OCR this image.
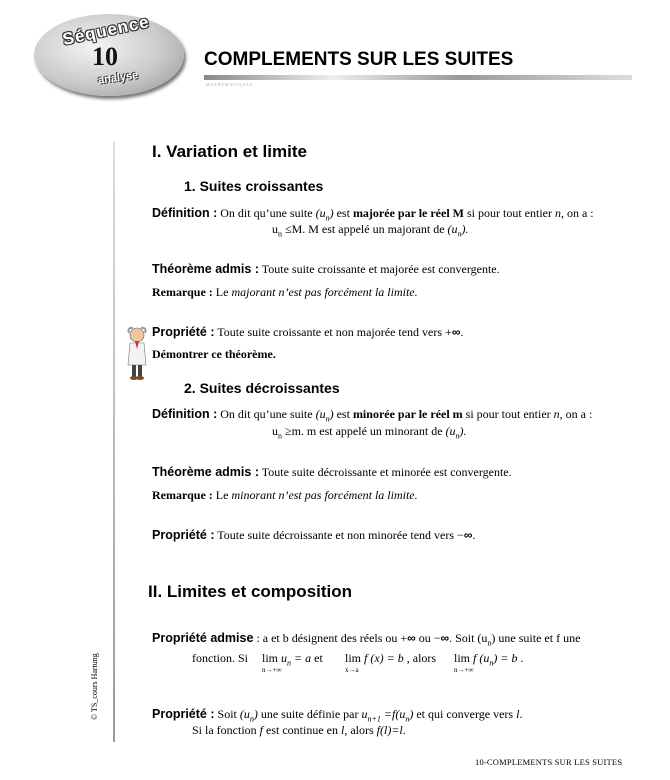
Séquence
10
analyse
COMPLEMENTS SUR LES SUITES
MATHEMATIQUES
© TS_cours Hartung
I. Variation et limite
1. Suites croissantes
Définition : On dit qu’une suite $(u_n)$ est majorée par le réel M si pour tout entier n, on a :
$u_n \le M$. M est appelé un majorant de $(u_n)$.
Théorème admis : Toute suite croissante et majorée est convergente.
Remarque : Le majorant n’est pas forcément la limite.
Propriété : Toute suite croissante et non majorée tend vers +∞.
Démontrer ce théorème.
2. Suites décroissantes
Définition : On dit qu’une suite $(u_n)$ est minorée par le réel m si pour tout entier n, on a :
$u_n \ge m$. m est appelé un minorant de $(u_n)$.
Théorème admis : Toute suite décroissante et minorée est convergente.
Remarque : Le minorant n’est pas forcément la limite.
Propriété : Toute suite décroissante et non minorée tend vers −∞.
II. Limites et composition
Propriété admise : a et b désignent des réels ou +∞ ou −∞. Soit $(u_n)$ une suite et f une
fonction. Si $\lim u_n = a$ et
n→+∞
lim f (x) = b , alors
x→a
lim f $(u_n) = b$ .
n→+∞
Propriété : Soit $(u_n)$ une suite définie par $u_{n+1} =f(u_n)$ et qui converge vers l.
Si la fonction f est continue en l, alors f(l)=l.
10-COMPLEMENTS SUR LES SUITES
